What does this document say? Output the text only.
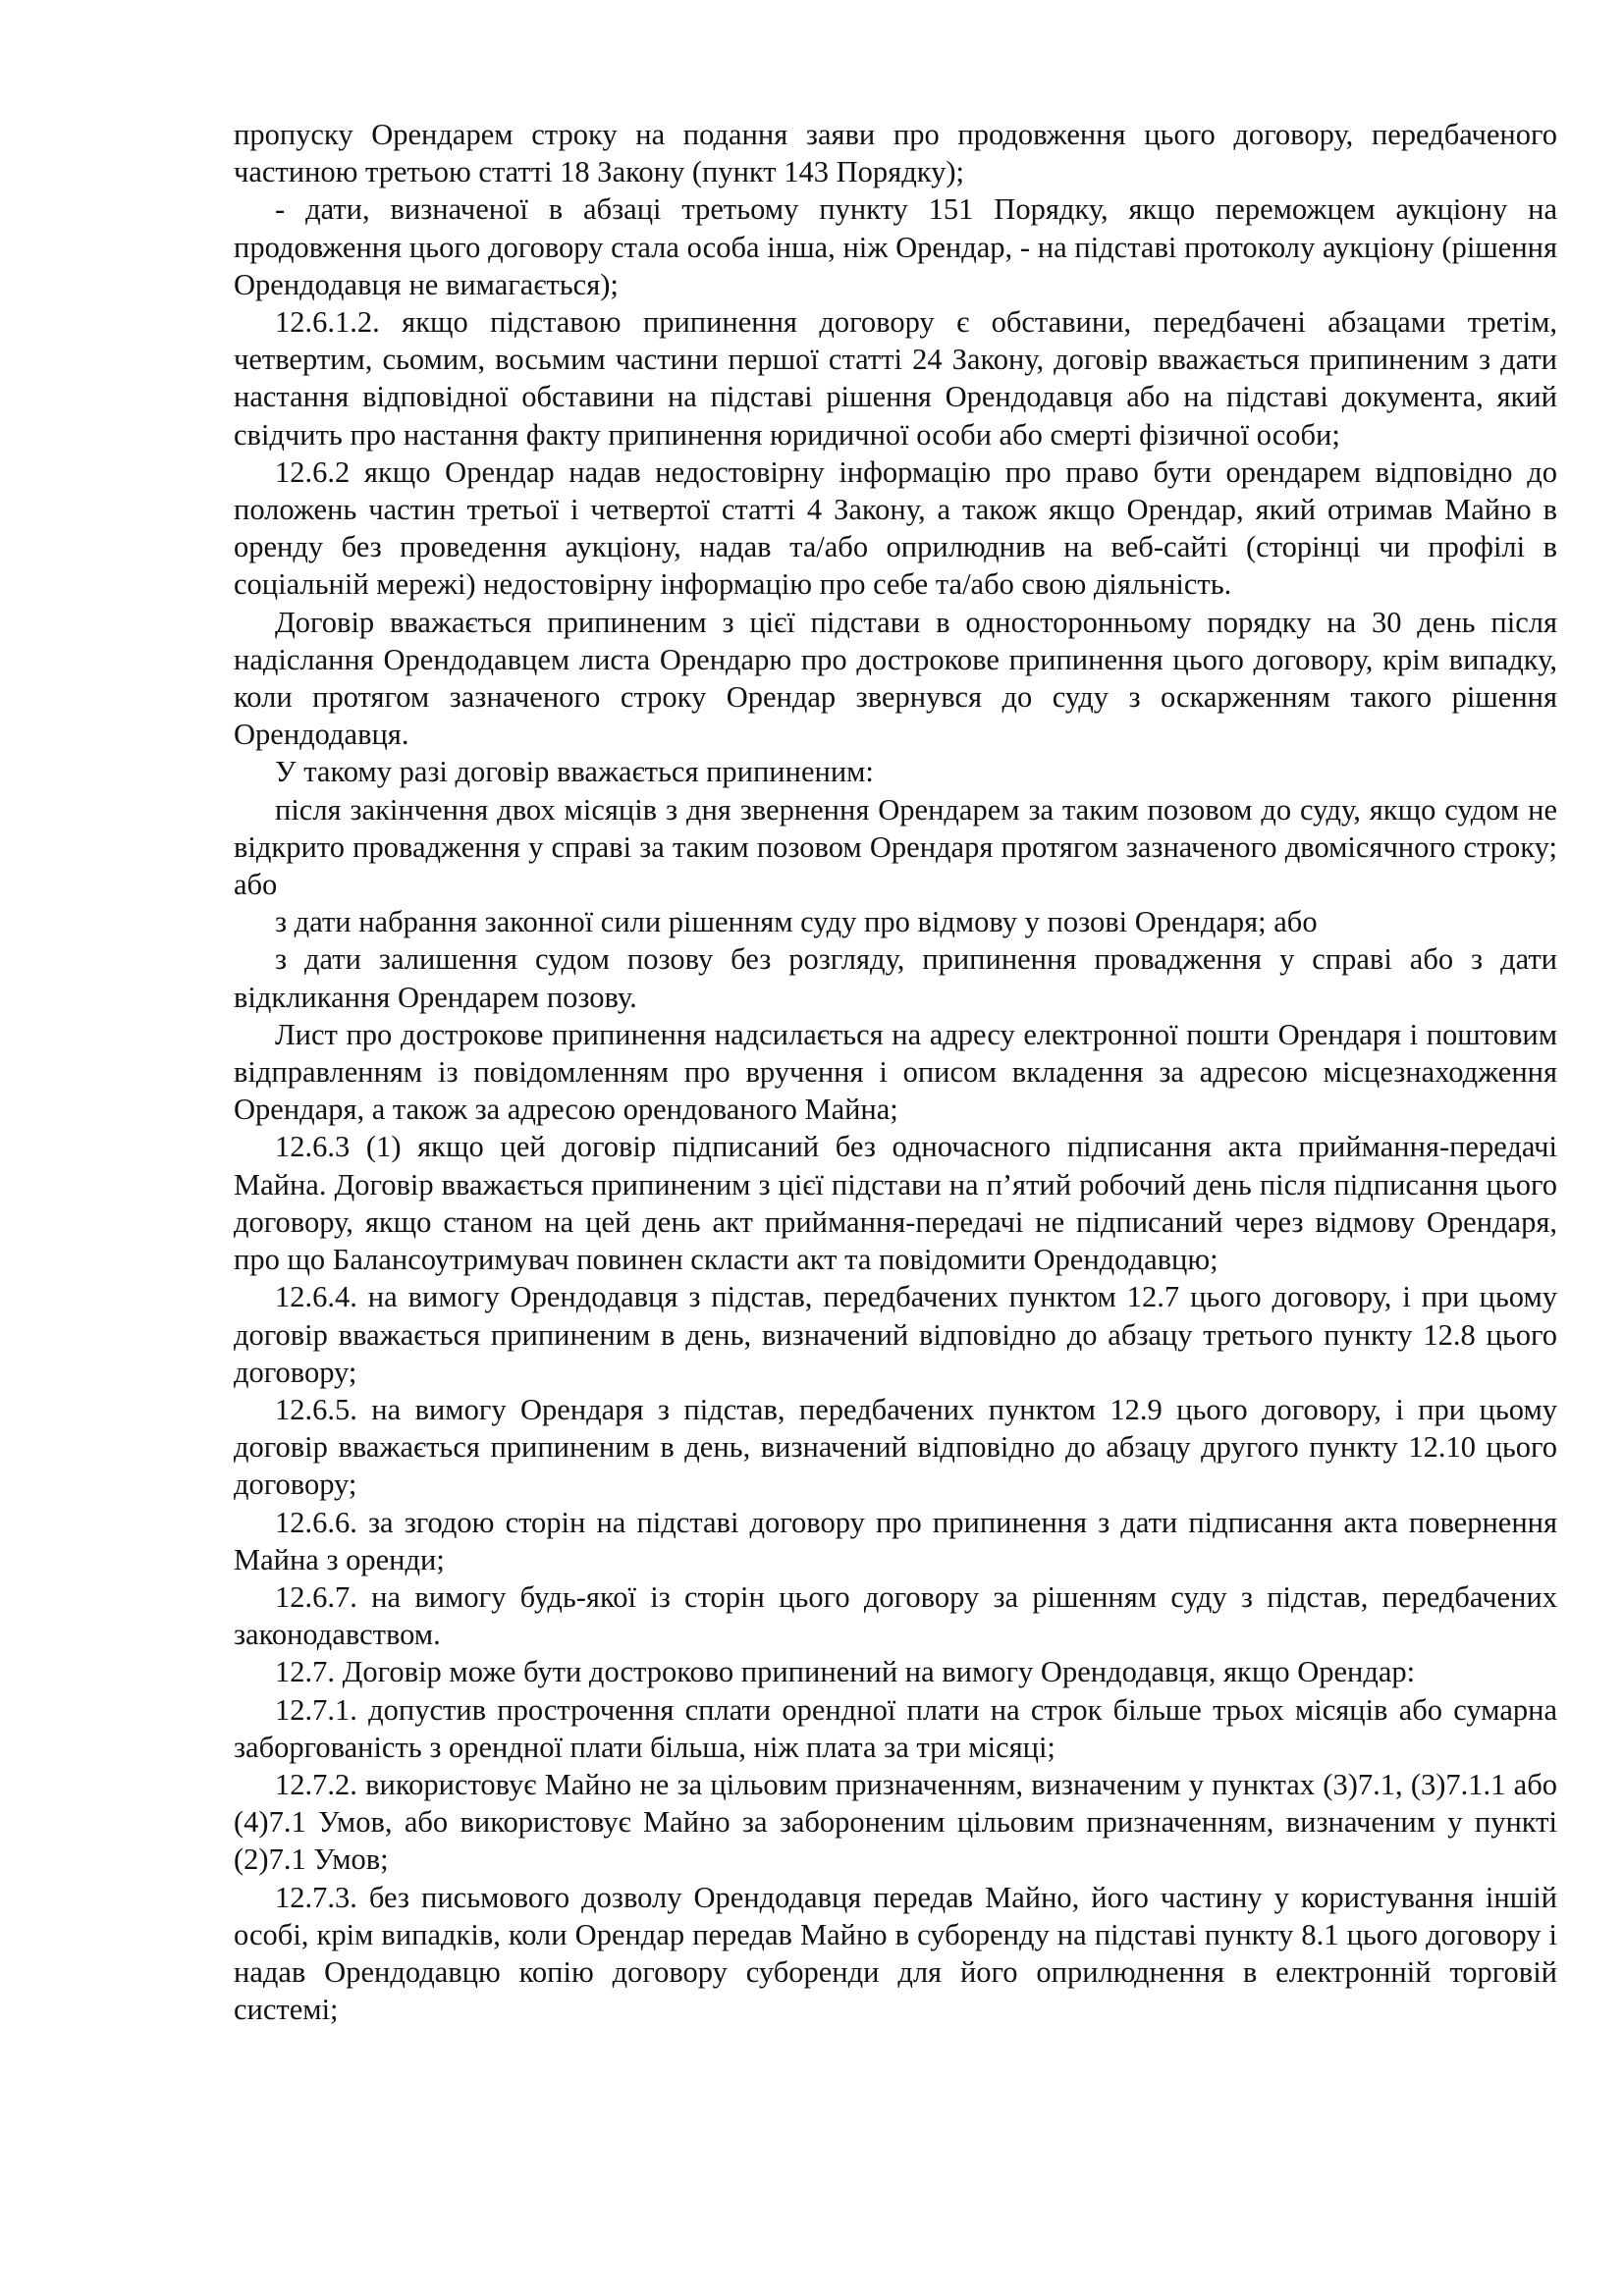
пропуску Орендарем строку на подання заяви про продовження цього договору, передбаченого частиною третьою статті 18 Закону (пункт 143 Порядку);

- дати, визначеної в абзаці третьому пункту 151 Порядку, якщо переможцем аукціону на продовження цього договору стала особа інша, ніж Орендар, - на підставі протоколу аукціону (рішення Орендодавця не вимагається);

12.6.1.2. якщо підставою припинення договору є обставини, передбачені абзацами третім, четвертим, сьомим, восьмим частини першої статті 24 Закону, договір вважається припиненим з дати настання відповідної обставини на підставі рішення Орендодавця або на підставі документа, який свідчить про настання факту припинення юридичної особи або смерті фізичної особи;

12.6.2 якщо Орендар надав недостовірну інформацію про право бути орендарем відповідно до положень частин третьої і четвертої статті 4 Закону, а також якщо Орендар, який отримав Майно в оренду без проведення аукціону, надав та/або оприлюднив на веб-сайті (сторінці чи профілі в соціальній мережі) недостовірну інформацію про себе та/або свою діяльність.

Договір вважається припиненим з цієї підстави в односторонньому порядку на 30 день після надіслання Орендодавцем листа Орендарю про дострокове припинення цього договору, крім випадку, коли протягом зазначеного строку Орендар звернувся до суду з оскарженням такого рішення Орендодавця.

У такому разі договір вважається припиненим:

після закінчення двох місяців з дня звернення Орендарем за таким позовом до суду, якщо судом не відкрито провадження у справі за таким позовом Орендаря протягом зазначеного двомісячного строку; або

з дати набрання законної сили рішенням суду про відмову у позові Орендаря; або

з дати залишення судом позову без розгляду, припинення провадження у справі або з дати відкликання Орендарем позову.

Лист про дострокове припинення надсилається на адресу електронної пошти Орендаря і поштовим відправленням із повідомленням про вручення і описом вкладення за адресою місцезнаходження Орендаря, а також за адресою орендованого Майна;

12.6.3 (1) якщо цей договір підписаний без одночасного підписання акта приймання-передачі Майна. Договір вважається припиненим з цієї підстави на п’ятий робочий день після підписання цього договору, якщо станом на цей день акт приймання-передачі не підписаний через відмову Орендаря, про що Балансоутримувач повинен скласти акт та повідомити Орендодавцю;

12.6.4. на вимогу Орендодавця з підстав, передбачених пунктом 12.7 цього договору, і при цьому договір вважається припиненим в день, визначений відповідно до абзацу третього пункту 12.8 цього договору;

12.6.5. на вимогу Орендаря з підстав, передбачених пунктом 12.9 цього договору, і при цьому договір вважається припиненим в день, визначений відповідно до абзацу другого пункту 12.10 цього договору;

12.6.6. за згодою сторін на підставі договору про припинення з дати підписання акта повернення Майна з оренди;

12.6.7. на вимогу будь-якої із сторін цього договору за рішенням суду з підстав, передбачених законодавством.

12.7. Договір може бути достроково припинений на вимогу Орендодавця, якщо Орендар:

12.7.1. допустив прострочення сплати орендної плати на строк більше трьох місяців або сумарна заборгованість з орендної плати більша, ніж плата за три місяці;

12.7.2. використовує Майно не за цільовим призначенням, визначеним у пунктах (3)7.1, (3)7.1.1 або (4)7.1 Умов, або використовує Майно за забороненим цільовим призначенням, визначеним у пункті (2)7.1 Умов;

12.7.3. без письмового дозволу Орендодавця передав Майно, його частину у користування іншій особі, крім випадків, коли Орендар передав Майно в суборенду на підставі пункту 8.1 цього договору і надав Орендодавцю копію договору суборенди для його оприлюднення в електронній торговій системі;
